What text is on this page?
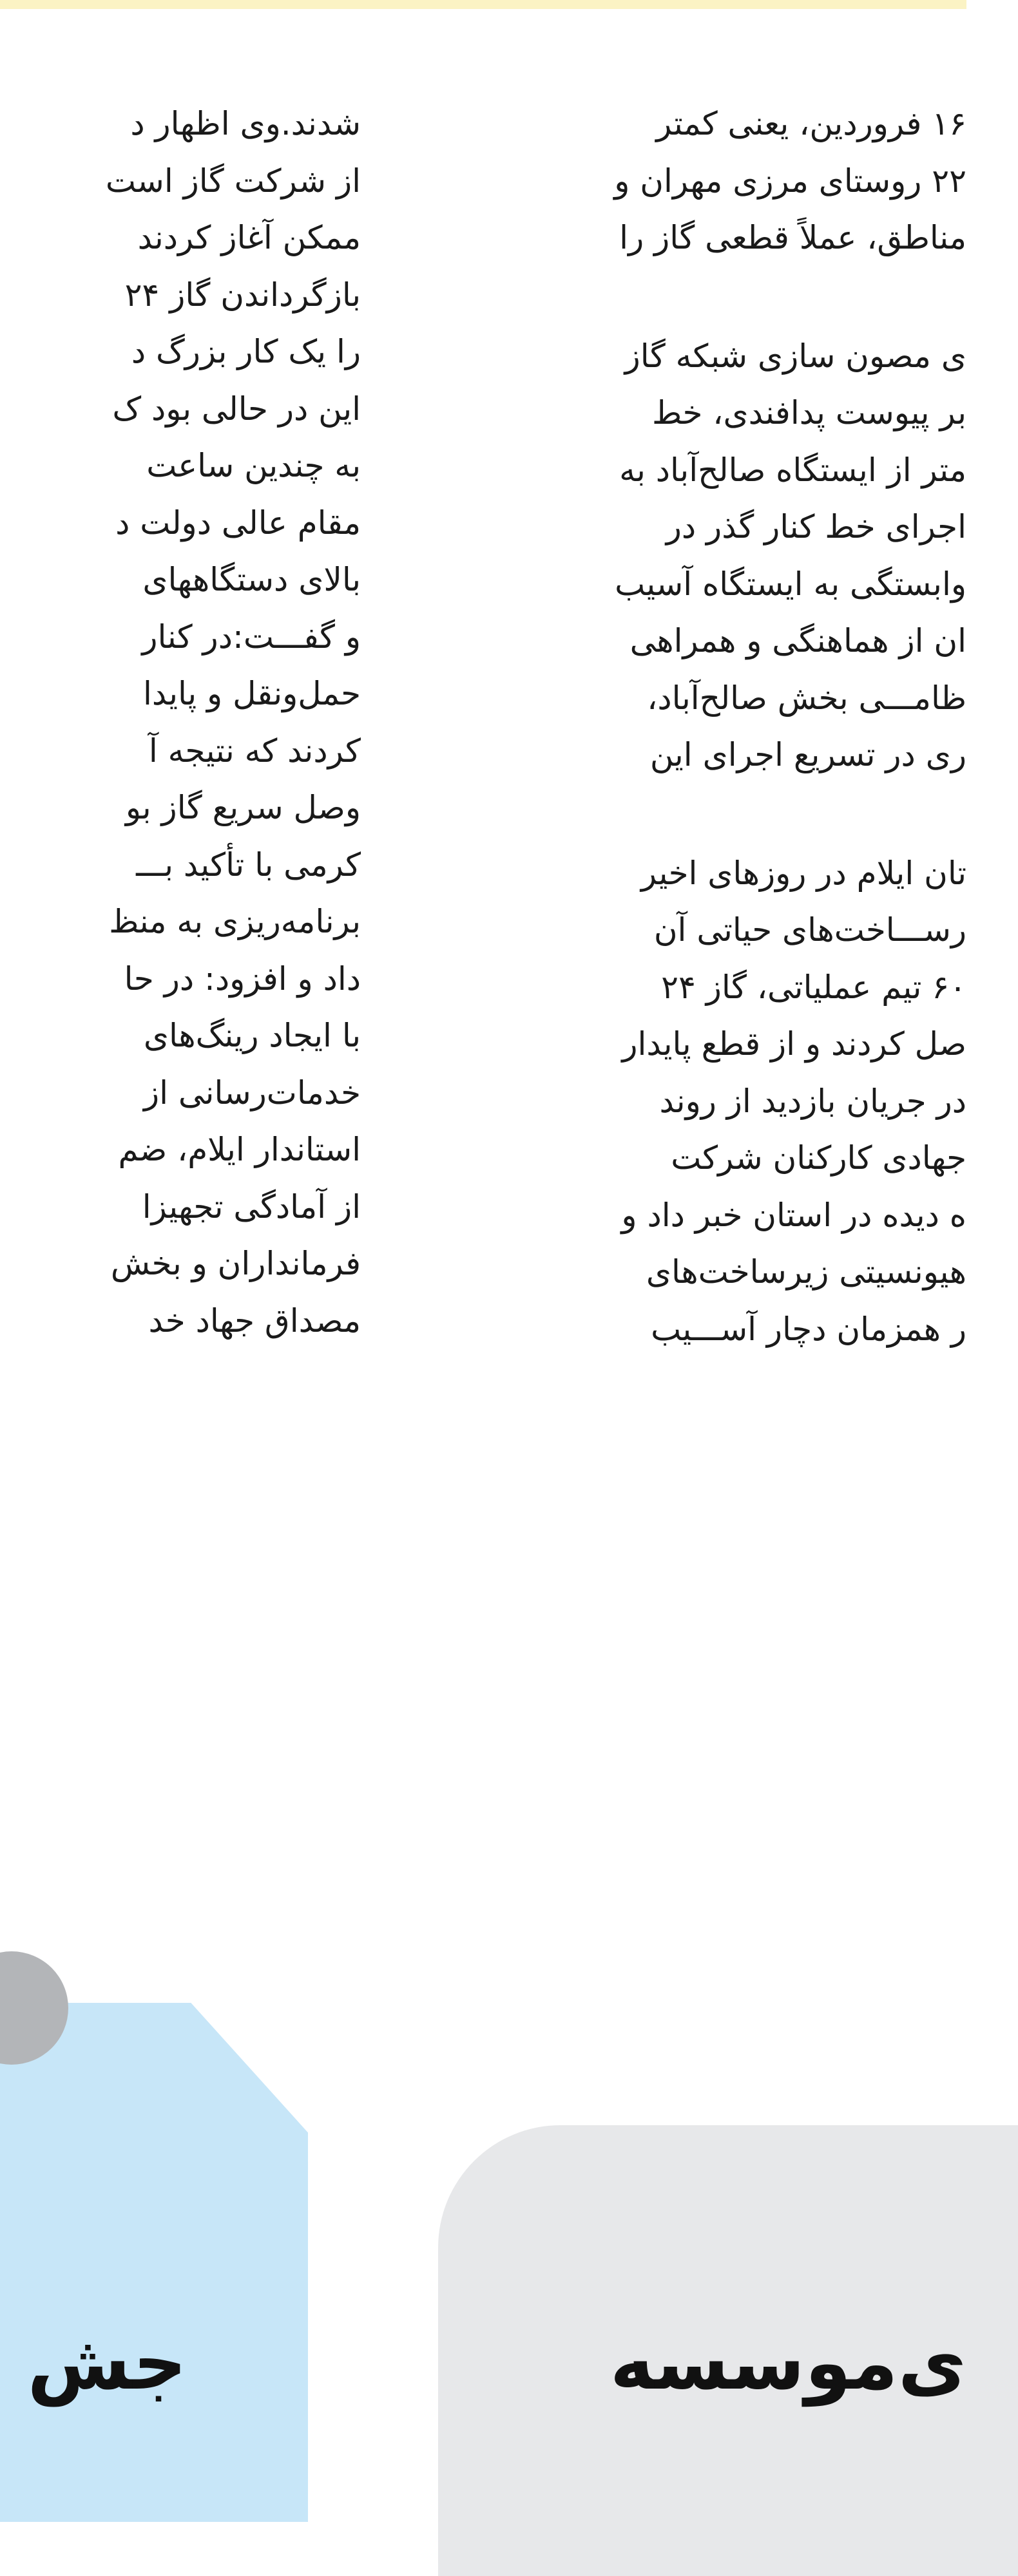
۱۶ فروردین، یعنی کمتر
۲۲ روستای مرزی مهران و
مناطق، عملاً قطعی گاز را
ی مصون سازی شبکه گاز
بر پیوست پدافندی، خط
متر از ایستگاه صالح‌آباد به
اجرای خط کنار گذر در
وابستگی به ایستگاه آسیب
ان از هماهنگی و همراهی
ظامـــی بخش صالح‌آباد،
ری در تسریع اجرای این
تان ایلام در روزهای اخیر
رســـاخت‌های حیاتی آن
۶۰ تیم عملیاتی، گاز ۲۴
صل کردند و از قطع پایدار
در جریان بازدید از روند
جهادی کارکنان شرکت
ه دیده در استان خبر داد و
هیونسیتی زیرساخت‌های
ر همزمان دچار آســـیب
شدند.وی اظهار د
از شرکت گاز است
ممکن آغاز کردند
بازگرداندن گاز ۲۴
را یک کار بزرگ د
این در حالی بود ک
به چندین ساعت
مقام عالی دولت د
بالای دستگاههای
و گفـــت:در کنار
حمل‌ونقل و پایدا
کردند که نتیجه آ
وصل سریع گاز بو
کرمی با تأکید بـــ
برنامه‌ریزی به منظ
داد و افزود: در حا
با ایجاد رینگ‌های
خدمات‌رسانی از
استاندار ایلام، ضم
از آمادگی تجهیزا
فرمانداران و بخش
مصداق جهاد خد
جش	ی‌موسسه
